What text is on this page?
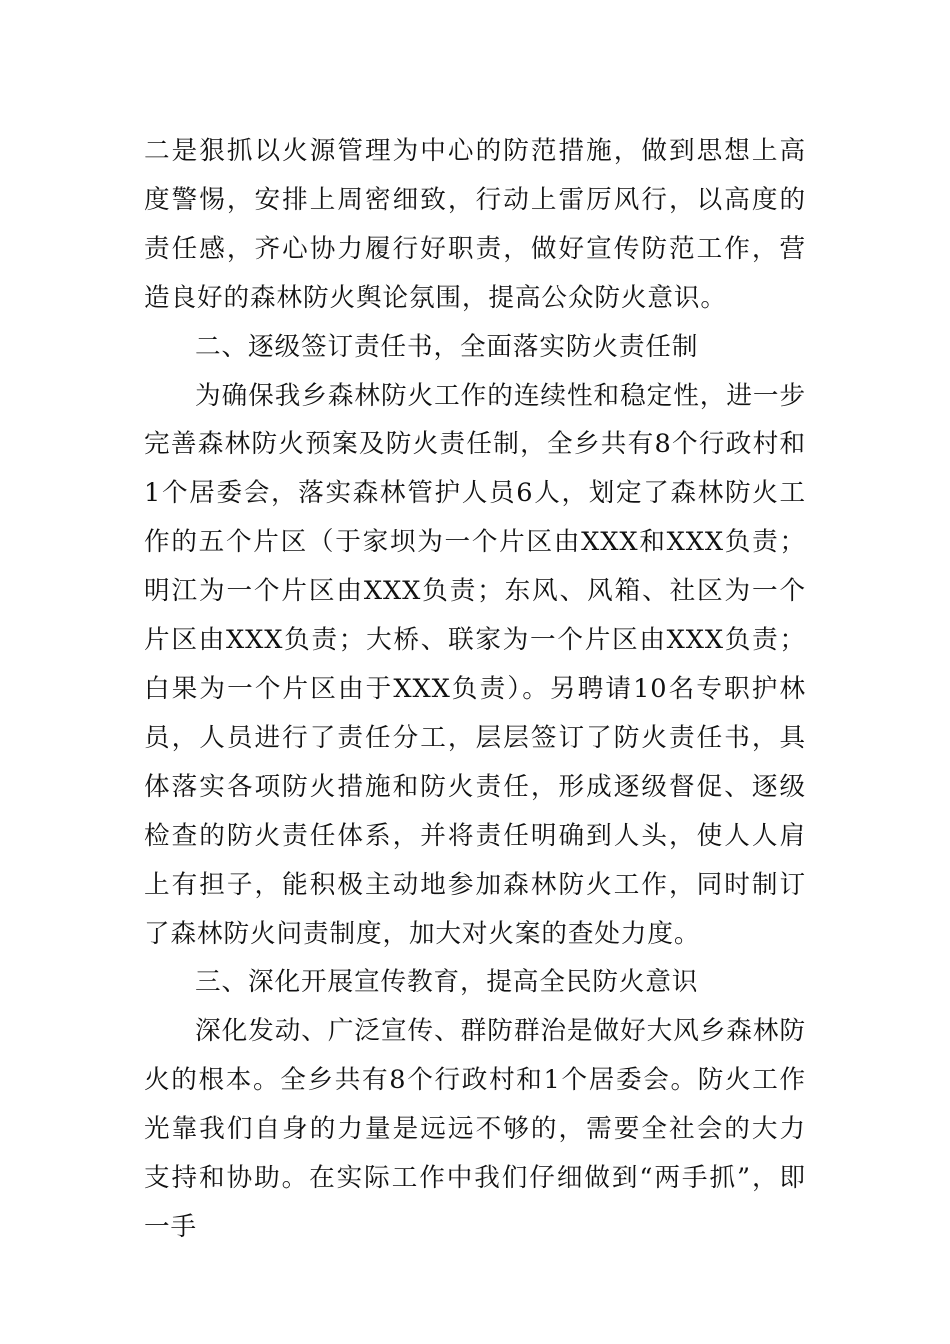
二是狠抓以火源管理为中心的防范措施，做到思想上高度警惕，安排上周密细致，行动上雷厉风行，以高度的责任感，齐心协力履行好职责，做好宣传防范工作，营造良好的森林防火舆论氛围，提高公众防火意识。

二、逐级签订责任书，全面落实防火责任制

为确保我乡森林防火工作的连续性和稳定性，进一步完善森林防火预案及防火责任制，全乡共有8个行政村和1个居委会，落实森林管护人员6人，划定了森林防火工作的五个片区（于家坝为一个片区由XXX和XXX负责；明江为一个片区由XXX负责；东风、风箱、社区为一个片区由XXX负责；大桥、联家为一个片区由XXX负责；白果为一个片区由于XXX负责）。另聘请10名专职护林员，人员进行了责任分工，层层签订了防火责任书，具体落实各项防火措施和防火责任，形成逐级督促、逐级检查的防火责任体系，并将责任明确到人头，使人人肩上有担子，能积极主动地参加森林防火工作，同时制订了森林防火问责制度，加大对火案的查处力度。

三、深化开展宣传教育，提高全民防火意识

深化发动、广泛宣传、群防群治是做好大风乡森林防火的根本。全乡共有8个行政村和1个居委会。防火工作光靠我们自身的力量是远远不够的，需要全社会的大力支持和协助。在实际工作中我们仔细做到“两手抓”，即一手
